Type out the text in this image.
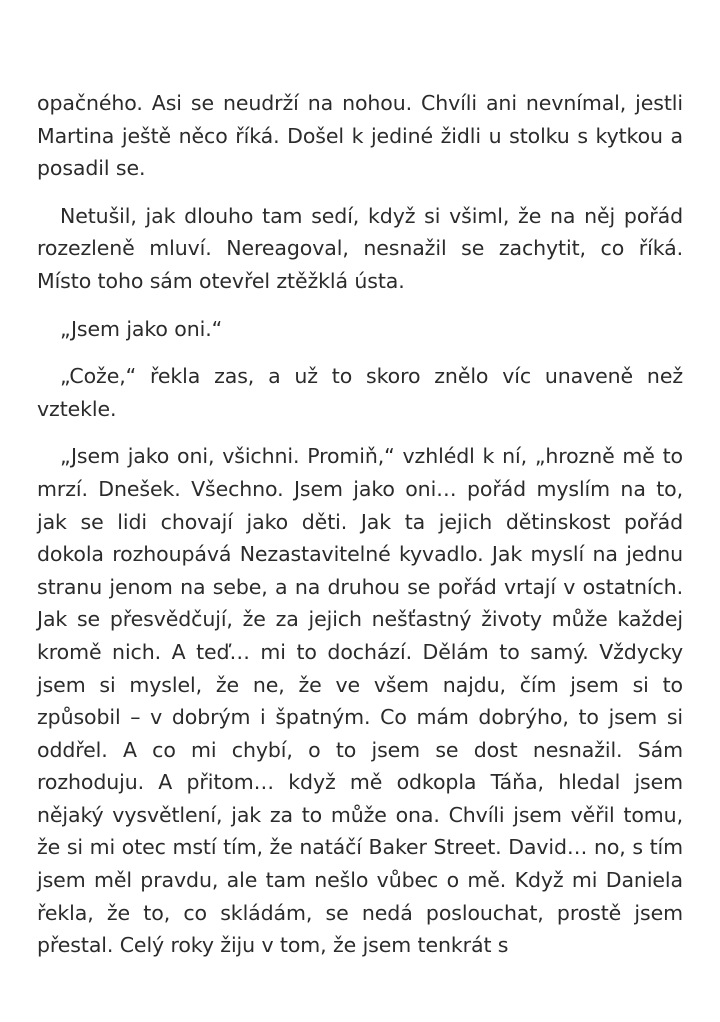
opačného. Asi se neudrží na nohou. Chvíli ani nevnímal, jestli Martina ještě něco říká. Došel k jediné židli u stolku s kytkou a posadil se.

Netušil, jak dlouho tam sedí, když si všiml, že na něj pořád rozezleně mluví. Nereagoval, nesnažil se zachytit, co říká. Místo toho sám otevřel ztěžklá ústa.

„Jsem jako oni.“

„Cože,“ řekla zas, a už to skoro znělo víc unaveně než vztekle.

„Jsem jako oni, všichni. Promiň,“ vzhlédl k ní, „hrozně mě to mrzí. Dnešek. Všechno. Jsem jako oni… pořád myslím na to, jak se lidi chovají jako děti. Jak ta jejich dětinskost pořád dokola rozhoupává Nezastavitelné kyvadlo. Jak myslí na jednu stranu jenom na sebe, a na druhou se pořád vrtají v ostatních. Jak se přesvědčují, že za jejich nešťastný životy může každej kromě nich. A teď… mi to dochází. Dělám to samý. Vždycky jsem si myslel, že ne, že ve všem najdu, čím jsem si to způsobil – v dobrým i špatným. Co mám dobrýho, to jsem si oddřel. A co mi chybí, o to jsem se dost nesnažil. Sám rozhoduju. A přitom… když mě odkopla Táňa, hledal jsem nějaký vysvětlení, jak za to může ona. Chvíli jsem věřil tomu, že si mi otec mstí tím, že natáčí Baker Street. David… no, s tím jsem měl pravdu, ale tam nešlo vůbec o mě. Když mi Daniela řekla, že to, co skládám, se nedá poslouchat, prostě jsem přestal. Celý roky žiju v tom, že jsem tenkrát s
